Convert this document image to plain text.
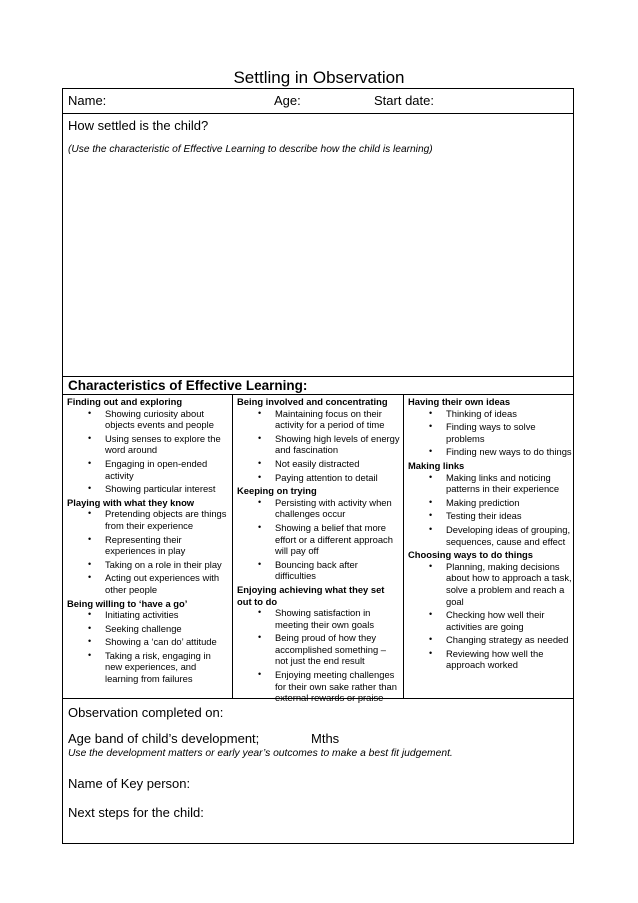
Settling in Observation
Name:	Age:	Start date:
How settled is the child?
(Use the characteristic of Effective Learning to describe how the child is learning)
Characteristics of Effective Learning:
Finding out and exploring
• Showing curiosity about objects events and people
• Using senses to explore the word around
• Engaging in open-ended activity
• Showing particular interest
Playing with what they know
• Pretending objects are things from their experience
• Representing their experiences in play
• Taking on a role in their play
• Acting out experiences with other people
Being willing to ‘have a go’
• Initiating activities
• Seeking challenge
• Showing a ‘can do’ attitude
• Taking a risk, engaging in new experiences, and learning from failures
Being involved and concentrating
• Maintaining focus on their activity for a period of time
• Showing high levels of energy and fascination
• Not easily distracted
• Paying attention to detail
Keeping on trying
• Persisting with activity when challenges occur
• Showing a belief that more effort or a different approach will pay off
• Bouncing back after difficulties
Enjoying achieving what they set out to do
• Showing satisfaction in meeting their own goals
• Being proud of how they accomplished something – not just the end result
• Enjoying meeting challenges for their own sake rather than external rewards or praise
Having their own ideas
• Thinking of ideas
• Finding ways to solve problems
• Finding new ways to do things
Making links
• Making links and noticing patterns in their experience
• Making prediction
• Testing their ideas
• Developing ideas of grouping, sequences, cause and effect
Choosing ways to do things
• Planning, making decisions about how to approach a task, solve a problem and reach a goal
• Checking how well their activities are going
• Changing strategy as needed
• Reviewing how well the approach worked
Observation completed on:
Age band of child’s development;	Mths
Use the development matters or early year’s outcomes to make a best fit judgement.
Name of Key person:
Next steps for the child:
